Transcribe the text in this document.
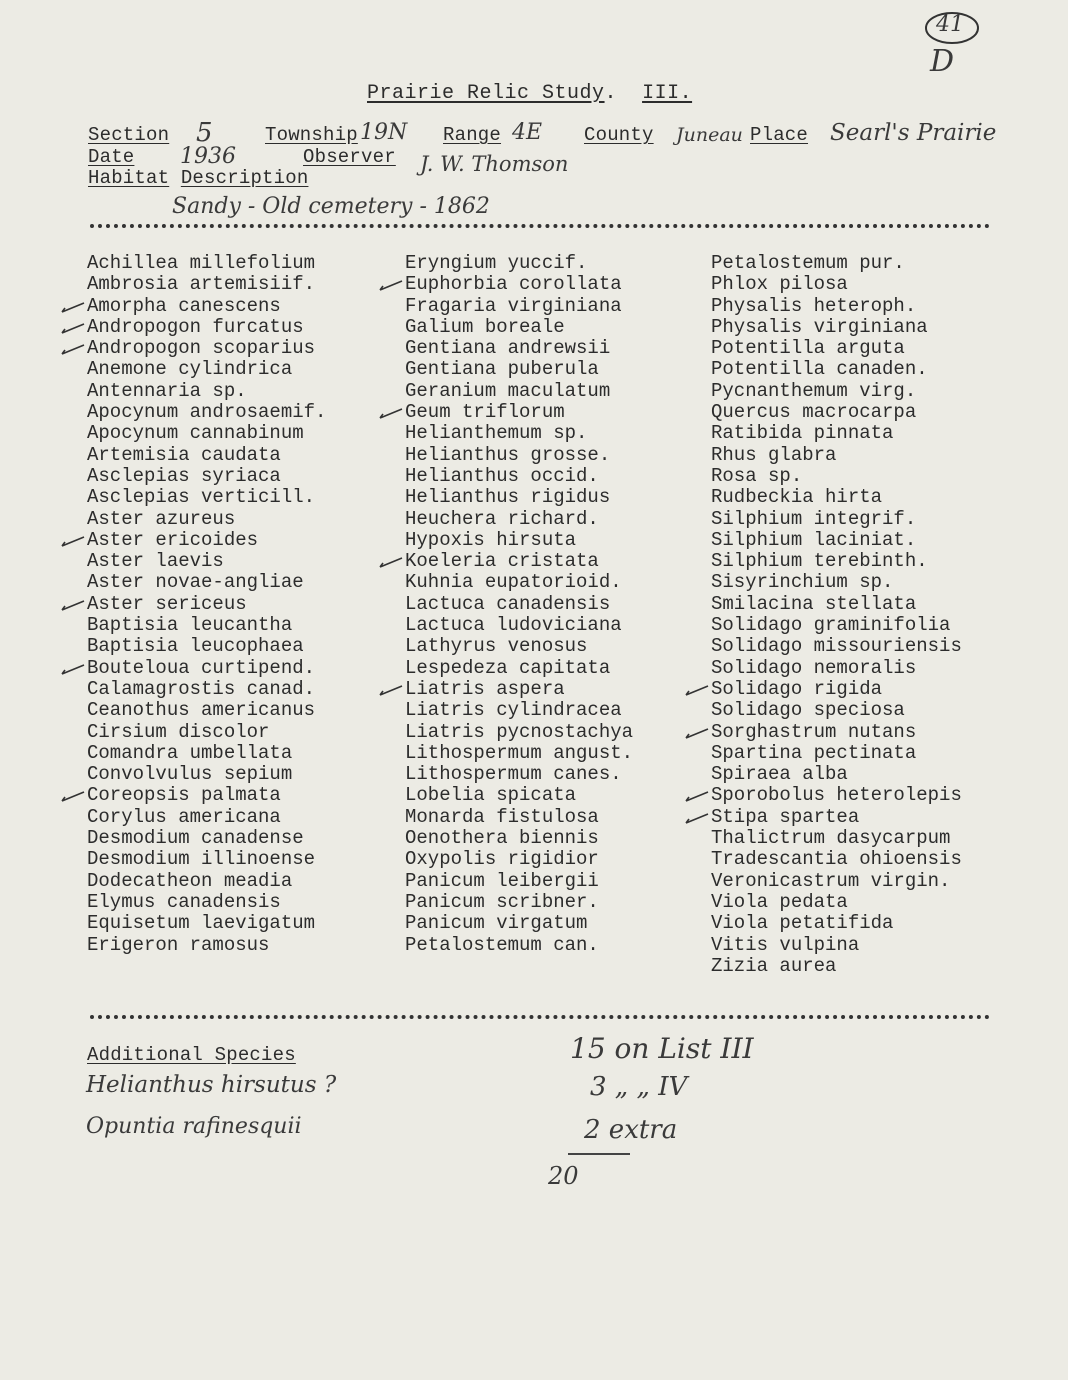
41
D
Prairie Relic Study.  III.
Section 5	Township 19N Range 4E County Juneau Place Searl's Prairie
Date 1936	Observer J. W. Thomson
Habitat Description
Sandy - Old cemetery - 1862
Achillea millefolium
Ambrosia artemisiif.
Amorpha canescens
Andropogon furcatus
Andropogon scoparius
Anemone cylindrica
Antennaria sp.
Apocynum androsaemif.
Apocynum cannabinum
Artemisia caudata
Asclepias syriaca
Asclepias verticill.
Aster azureus
Aster ericoides
Aster laevis
Aster novae-angliae
Aster sericeus
Baptisia leucantha
Baptisia leucophaea
Bouteloua curtipend.
Calamagrostis canad.
Ceanothus americanus
Cirsium discolor
Comandra umbellata
Convolvulus sepium
Coreopsis palmata
Corylus americana
Desmodium canadense
Desmodium illinoense
Dodecatheon meadia
Elymus canadensis
Equisetum laevigatum
Erigeron ramosus
Eryngium yuccif.
Euphorbia corollata
Fragaria virginiana
Galium boreale
Gentiana andrewsii
Gentiana puberula
Geranium maculatum
Geum triflorum
Helianthemum sp.
Helianthus grosse.
Helianthus occid.
Helianthus rigidus
Heuchera richard.
Hypoxis hirsuta
Koeleria cristata
Kuhnia eupatorioid.
Lactuca canadensis
Lactuca ludoviciana
Lathyrus venosus
Lespedeza capitata
Liatris aspera
Liatris cylindracea
Liatris pycnostachya
Lithospermum angust.
Lithospermum canes.
Lobelia spicata
Monarda fistulosa
Oenothera biennis
Oxypolis rigidior
Panicum leibergii
Panicum scribner.
Panicum virgatum
Petalostemum can.
Petalostemum pur.
Phlox pilosa
Physalis heteroph.
Physalis virginiana
Potentilla arguta
Potentilla canaden.
Pycnanthemum virg.
Quercus macrocarpa
Ratibida pinnata
Rhus glabra
Rosa sp.
Rudbeckia hirta
Silphium integrif.
Silphium laciniat.
Silphium terebinth.
Sisyrinchium sp.
Smilacina stellata
Solidago graminifolia
Solidago missouriensis
Solidago nemoralis
Solidago rigida
Solidago speciosa
Sorghastrum nutans
Spartina pectinata
Spiraea alba
Sporobolus heterolepis
Stipa spartea
Thalictrum dasycarpum
Tradescantia ohioensis
Veronicastrum virgin.
Viola pedata
Viola petatifida
Vitis vulpina
Zizia aurea
Additional Species
Helianthus hirsutus ?
Opuntia rafinesquii
15 on List III
3 „ „ IV
2 extra
20
